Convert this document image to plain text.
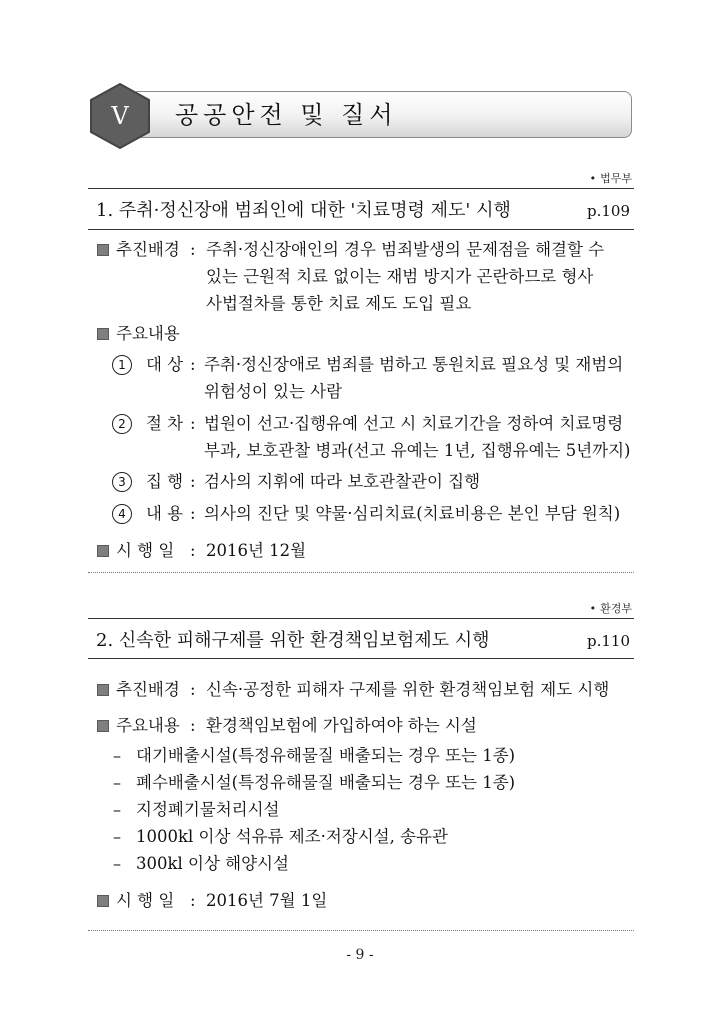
V	공공안전 및 질서
• 법무부
1. 주취·정신장애 범죄인에 대한 '치료명령 제도' 시행	p.109
추진배경 : 주취·정신장애인의 경우 범죄발생의 문제점을 해결할 수
있는 근원적 치료 없이는 재범 방지가 곤란하므로 형사
사법절차를 통한 치료 제도 도입 필요
주요내용
1	대 상 : 주취·정신장애로 범죄를 범하고 통원치료 필요성 및 재범의
위험성이 있는 사람
2	절 차 : 법원이 선고·집행유예 선고 시 치료기간을 정하여 치료명령
부과, 보호관찰 병과(선고 유예는 1년, 집행유예는 5년까지)
3	집 행 : 검사의 지휘에 따라 보호관찰관이 집행
4	내 용 : 의사의 진단 및 약물·심리치료(치료비용은 본인 부담 원칙)
시 행 일 : 2016년 12월
• 환경부
2. 신속한 피해구제를 위한 환경책임보험제도 시행	p.110
추진배경 : 신속·공정한 피해자 구제를 위한 환경책임보험 제도 시행
주요내용 : 환경책임보험에 가입하여야 하는 시설
– 대기배출시설(특정유해물질 배출되는 경우 또는 1종)
– 폐수배출시설(특정유해물질 배출되는 경우 또는 1종)
– 지정폐기물처리시설
– 1000kl 이상 석유류 제조·저장시설, 송유관
– 300kl 이상 해양시설
시 행 일 : 2016년 7월 1일
- 9 -
